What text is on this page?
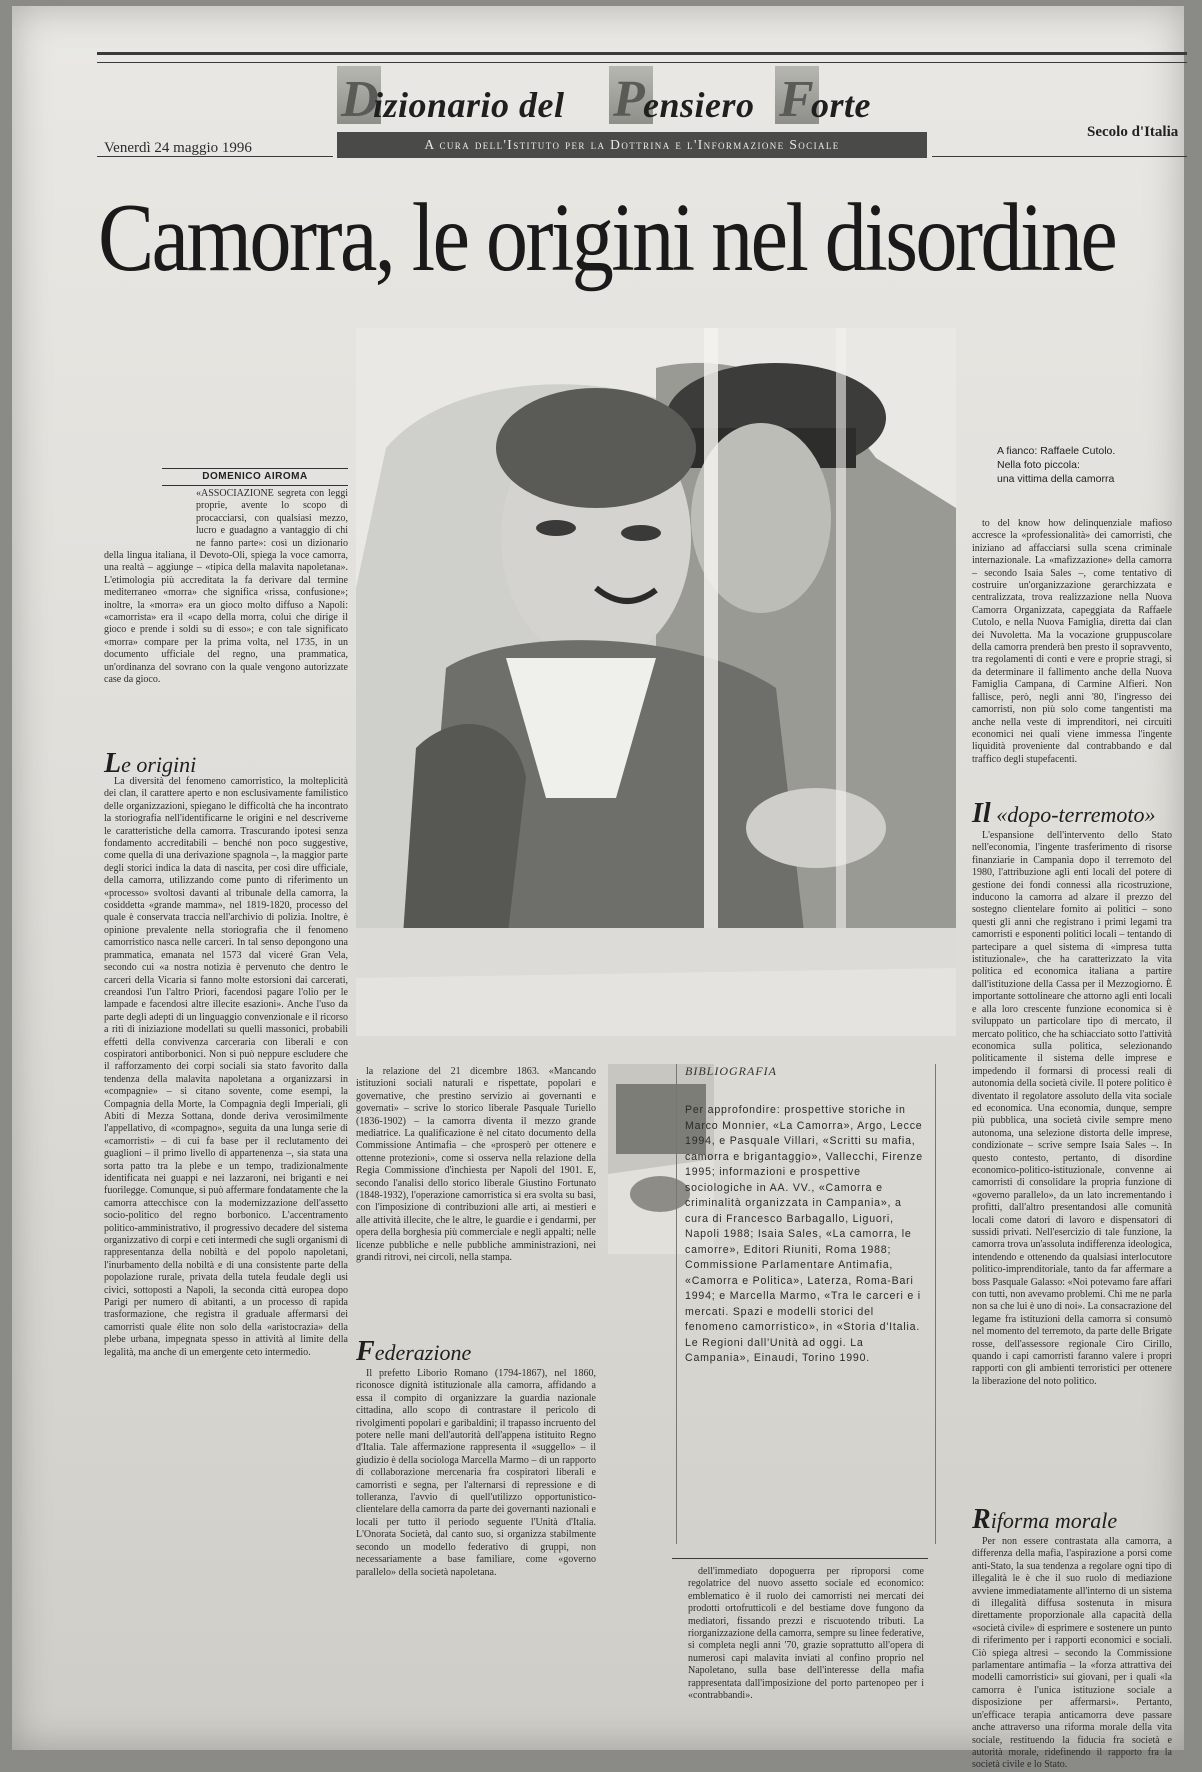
D
izionario del P
ensiero F
orte
A cura dell'Istituto per la Dottrina e l'Informazione Sociale
Venerdì 24 maggio 1996
Secolo d'Italia
Camorra, le origini nel disordine
A fianco: Raffaele Cutolo.
Nella foto piccola:
una vittima della camorra
DOMENICO AIROMA
«ASSOCIAZIONE segreta con leggi proprie, avente lo scopo di procacciarsi, con qualsiasi mezzo, lucro e guadagno a vantaggio di chi ne fanno parte»: così un dizionario della lingua italiana, il Devoto-Oli, spiega la voce camorra, una realtà – aggiunge – «tipica della malavita napoletana». L'etimologia più accreditata la fa derivare dal termine mediterraneo «morra» che significa «rissa, confusione»; inoltre, la «morra» era un gioco molto diffuso a Napoli: «camorrista» era il «capo della morra, colui che dirige il gioco e prende i soldi su di esso»; e con tale significato «morra» compare per la prima volta, nel 1735, in un documento ufficiale del regno, una prammatica, un'ordinanza del sovrano con la quale vengono autorizzate case da gioco.
Le origini

La diversità del fenomeno camorristico, la molteplicità dei clan, il carattere aperto e non esclusivamente familistico delle organizzazioni, spiegano le difficoltà che ha incontrato la storiografia nell'identificarne le origini e nel descriverne le caratteristiche della camorra. Trascurando ipotesi senza fondamento accreditabili – benché non poco suggestive, come quella di una derivazione spagnola –, la maggior parte degli storici indica la data di nascita, per così dire ufficiale, della camorra, utilizzando come punto di riferimento un «processo» svoltosi davanti al tribunale della camorra, la cosiddetta «grande mamma», nel 1819-1820, processo del quale è conservata traccia nell'archivio di polizia. Inoltre, è opinione prevalente nella storiografia che il fenomeno camorristico nasca nelle carceri. In tal senso depongono una prammatica, emanata nel 1573 dal viceré Gran Vela, secondo cui «a nostra notizia è pervenuto che dentro le carceri della Vicaria si fanno molte estorsioni dai carcerati, creandosi l'un l'altro Priori, facendosi pagare l'olio per le lampade e facendosi altre illecite esazioni». Anche l'uso da parte degli adepti di un linguaggio convenzionale e il ricorso a riti di iniziazione modellati su quelli massonici, probabili effetti della convivenza carceraria con liberali e con cospiratori antiborbonici. Non si può neppure escludere che il rafforzamento dei corpi sociali sia stato favorito dalla tendenza della malavita napoletana a organizzarsi in «compagnie» – si citano sovente, come esempi, la Compagnia della Morte, la Compagnia degli Imperiali, gli Abiti di Mezza Sottana, donde deriva verosimilmente l'appellativo, di «compagno», seguita da una lunga serie di «camorristi» – di cui fa base per il reclutamento dei guaglioni – il primo livello di appartenenza –, sia stata una sorta patto tra la plebe e un tempo, tradizionalmente identificata nei guappi e nei lazzaroni, nei briganti e nei fuorilegge. Comunque, si può affermare fondatamente che la camorra attecchisce con la modernizzazione dell'assetto socio-politico del regno borbonico. L'accentramento politico-amministrativo, il progressivo decadere del sistema organizzativo di corpi e ceti intermedi che sugli organismi di rappresentanza della nobiltà e del popolo napoletani, l'inurbamento della nobiltà e di una consistente parte della popolazione rurale, privata della tutela feudale degli usi civici, sottoposti a Napoli, la seconda città europea dopo Parigi per numero di abitanti, a un processo di rapida trasformazione, che registra il graduale affermarsi dei camorristi quale élite non solo della «aristocrazia» della plebe urbana, impegnata spesso in attività al limite della legalità, ma anche di un emergente ceto intermedio.

la relazione del 21 dicembre 1863. «Mancando istituzioni sociali naturali e rispettate, popolari e governative, che prestino servizio ai governanti e governati» – scrive lo storico liberale Pasquale Turiello (1836-1902) – la camorra diventa il mezzo grande mediatrice. La qualificazione è nel citato documento della Commissione Antimafia – che «prosperò per ottenere e ottenne protezioni», come si osserva nella relazione della Regia Commissione d'inchiesta per Napoli del 1901. E, secondo l'analisi dello storico liberale Giustino Fortunato (1848-1932), l'operazione camorristica si era svolta su basi, con l'imposizione di contribuzioni alle arti, ai mestieri e alle attività illecite, che le altre, le guardie e i gendarmi, per opera della borghesia più commerciale e negli appalti; nelle licenze pubbliche e nelle pubbliche amministrazioni, nei grandi ritrovi, nei circoli, nella stampa.

Federazione

Il prefetto Liborio Romano (1794-1867), nel 1860, riconosce dignità istituzionale alla camorra, affidando a essa il compito di organizzare la guardia nazionale cittadina, allo scopo di contrastare il pericolo di rivolgimenti popolari e garibaldini; il trapasso incruento del potere nelle mani dell'autorità dell'appena istituito Regno d'Italia. Tale affermazione rappresenta il «suggello» – il giudizio è della sociologa Marcella Marmo – di un rapporto di collaborazione mercenaria fra cospiratori liberali e camorristi e segna, per l'alternarsi di repressione e di tolleranza, l'avvio di quell'utilizzo opportunistico-clientelare della camorra da parte dei governanti nazionali e locali per tutto il periodo seguente l'Unità d'Italia. L'Onorata Società, dal canto suo, si organizza stabilmente secondo un modello federativo di gruppi, non necessariamente a base familiare, come «governo parallelo» della società napoletana.

BIBLIOGRAFIA
Per approfondire: prospettive storiche in Marco Monnier, «La Camorra», Argo, Lecce 1994, e Pasquale Villari, «Scritti su mafia, camorra e brigantaggio», Vallecchi, Firenze 1995; informazioni e prospettive sociologiche in AA. VV., «Camorra e criminalità organizzata in Campania», a cura di Francesco Barbagallo, Liguori, Napoli 1988; Isaia Sales, «La camorra, le camorre», Editori Riuniti, Roma 1988; Commissione Parlamentare Antimafia, «Camorra e Politica», Laterza, Roma-Bari 1994; e Marcella Marmo, «Tra le carceri e i mercati. Spazi e modelli storici del fenomeno camorristico», in «Storia d'Italia. Le Regioni dall'Unità ad oggi. La Campania», Einaudi, Torino 1990.

dell'immediato dopoguerra per riproporsi come regolatrice del nuovo assetto sociale ed economico: emblematico è il ruolo dei camorristi nei mercati dei prodotti ortofrutticoli e del bestiame dove fungono da mediatori, fissando prezzi e riscuotendo tributi. La riorganizzazione della camorra, sempre su linee federative, si completa negli anni '70, grazie soprattutto all'opera di numerosi capi malavita inviati al confino proprio nel Napoletano, sulla base dell'interesse della mafia rappresentata dall'imposizione del porto partenopeo per i «contrabbandi».

to del know how delinquenziale mafioso accresce la «professionalità» dei camorristi, che iniziano ad affacciarsi sulla scena criminale internazionale. La «mafizzazione» della camorra – secondo Isaia Sales –, come tentativo di costruire un'organizzazione gerarchizzata e centralizzata, trova realizzazione nella Nuova Camorra Organizzata, capeggiata da Raffaele Cutolo, e nella Nuova Famiglia, diretta dai clan dei Nuvoletta. Ma la vocazione gruppuscolare della camorra prenderà ben presto il sopravvento, tra regolamenti di conti e vere e proprie stragi, si da determinare il fallimento anche della Nuova Famiglia Campana, di Carmine Alfieri. Non fallisce, però, negli anni '80, l'ingresso dei camorristi, non più solo come tangentisti ma anche nella veste di imprenditori, nei circuiti economici nei quali viene immessa l'ingente liquidità proveniente dal contrabbando e dal traffico degli stupefacenti.

Il «dopo-terremoto»

L'espansione dell'intervento dello Stato nell'economia, l'ingente trasferimento di risorse finanziarie in Campania dopo il terremoto del 1980, l'attribuzione agli enti locali del potere di gestione dei fondi connessi alla ricostruzione, inducono la camorra ad alzare il prezzo del sostegno clientelare fornito ai politici – sono questi gli anni che registrano i primi legami tra camorristi e esponenti politici locali – tentando di partecipare a quel sistema di «impresa tutta istituzionale», che ha caratterizzato la vita politica ed economica italiana a partire dall'istituzione della Cassa per il Mezzogiorno. È importante sottolineare che attorno agli enti locali e alla loro crescente funzione economica si è sviluppato un particolare tipo di mercato, il mercato politico, che ha schiacciato sotto l'attività economica sulla politica, selezionando politicamente il sistema delle imprese e impedendo il formarsi di processi reali di autonomia della società civile. Il potere politico è diventato il regolatore assoluto della vita sociale ed economica. Una economia, dunque, sempre più pubblica, una società civile sempre meno autonoma, una selezione distorta delle imprese, condizionate – scrive sempre Isaia Sales –. In questo contesto, pertanto, di disordine economico-politico-istituzionale, convenne ai camorristi di consolidare la propria funzione di «governo parallelo», da un lato incrementando i profitti, dall'altro presentandosi alle comunità locali come datori di lavoro e dispensatori di sussidi privati. Nell'esercizio di tale funzione, la camorra trova un'assoluta indifferenza ideologica, intendendo e ottenendo da qualsiasi interlocutore politico-imprenditoriale, tanto da far affermare a boss Pasquale Galasso: «Noi potevamo fare affari con tutti, non avevamo problemi. Chi me ne parla non sa che lui è uno di noi». La consacrazione del legame fra istituzioni della camorra si consumò nel momento del terremoto, da parte delle Brigate rosse, dell'assessore regionale Ciro Cirillo, quando i capi camorristi faranno valere i propri rapporti con gli ambienti terroristici per ottenere la liberazione del noto politico.

Riforma morale

Per non essere contrastata alla camorra, a differenza della mafia, l'aspirazione a porsi come anti-Stato, la sua tendenza a regolare ogni tipo di illegalità le è che il suo ruolo di mediazione avviene immediatamente all'interno di un sistema di illegalità diffusa sostenuta in misura direttamente proporzionale alla capacità della «società civile» di esprimere e sostenere un punto di riferimento per i rapporti economici e sociali. Ciò spiega altresì – secondo la Commissione parlamentare antimafia – la «forza attrattiva dei modelli camorristici» sui giovani, per i quali «la camorra è l'unica istituzione sociale a disposizione per affermarsi». Pertanto, un'efficace terapia anticamorra deve passare anche attraverso una riforma morale della vita sociale, restituendo la fiducia fra società e autorità morale, ridefinendo il rapporto fra la società civile e lo Stato.
